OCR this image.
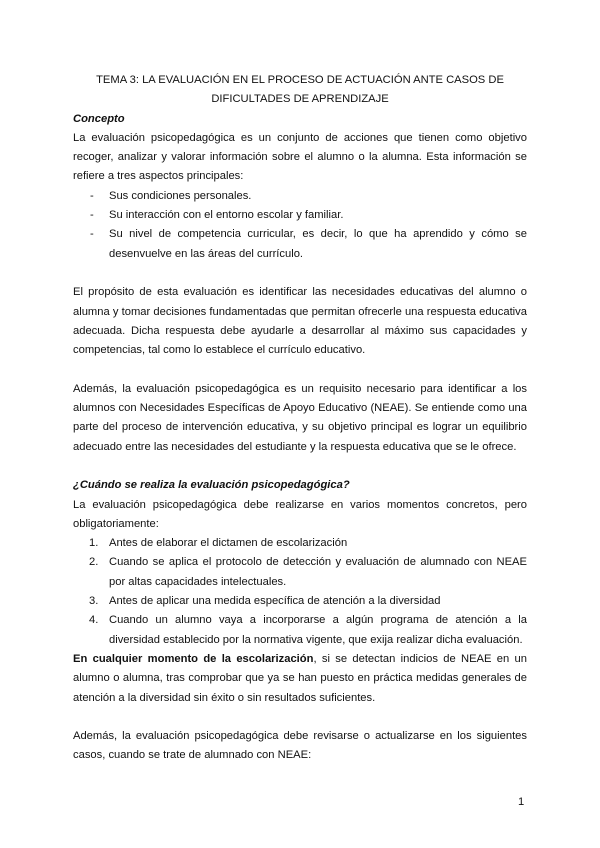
TEMA 3: LA EVALUACIÓN EN EL PROCESO DE ACTUACIÓN ANTE CASOS DE
DIFICULTADES DE APRENDIZAJE
Concepto

La evaluación psicopedagógica es un conjunto de acciones que tienen como objetivo recoger, analizar y valorar información sobre el alumno o la alumna. Esta información se refiere a tres aspectos principales:

- Sus condiciones personales.
- Su interacción con el entorno escolar y familiar.
- Su nivel de competencia curricular, es decir, lo que ha aprendido y cómo se desenvuelve en las áreas del currículo.

El propósito de esta evaluación es identificar las necesidades educativas del alumno o alumna y tomar decisiones fundamentadas que permitan ofrecerle una respuesta educativa adecuada. Dicha respuesta debe ayudarle a desarrollar al máximo sus capacidades y competencias, tal como lo establece el currículo educativo.

Además, la evaluación psicopedagógica es un requisito necesario para identificar a los alumnos con Necesidades Específicas de Apoyo Educativo (NEAE). Se entiende como una parte del proceso de intervención educativa, y su objetivo principal es lograr un equilibrio adecuado entre las necesidades del estudiante y la respuesta educativa que se le ofrece.

¿Cuándo se realiza la evaluación psicopedagógica?

La evaluación psicopedagógica debe realizarse en varios momentos concretos, pero obligatoriamente:

1. Antes de elaborar el dictamen de escolarización
2. Cuando se aplica el protocolo de detección y evaluación de alumnado con NEAE por altas capacidades intelectuales.
3. Antes de aplicar una medida específica de atención a la diversidad
4. Cuando un alumno vaya a incorporarse a algún programa de atención a la diversidad establecido por la normativa vigente, que exija realizar dicha evaluación.

En cualquier momento de la escolarización, si se detectan indicios de NEAE en un alumno o alumna, tras comprobar que ya se han puesto en práctica medidas generales de atención a la diversidad sin éxito o sin resultados suficientes.

Además, la evaluación psicopedagógica debe revisarse o actualizarse en los siguientes casos, cuando se trate de alumnado con NEAE:

1
